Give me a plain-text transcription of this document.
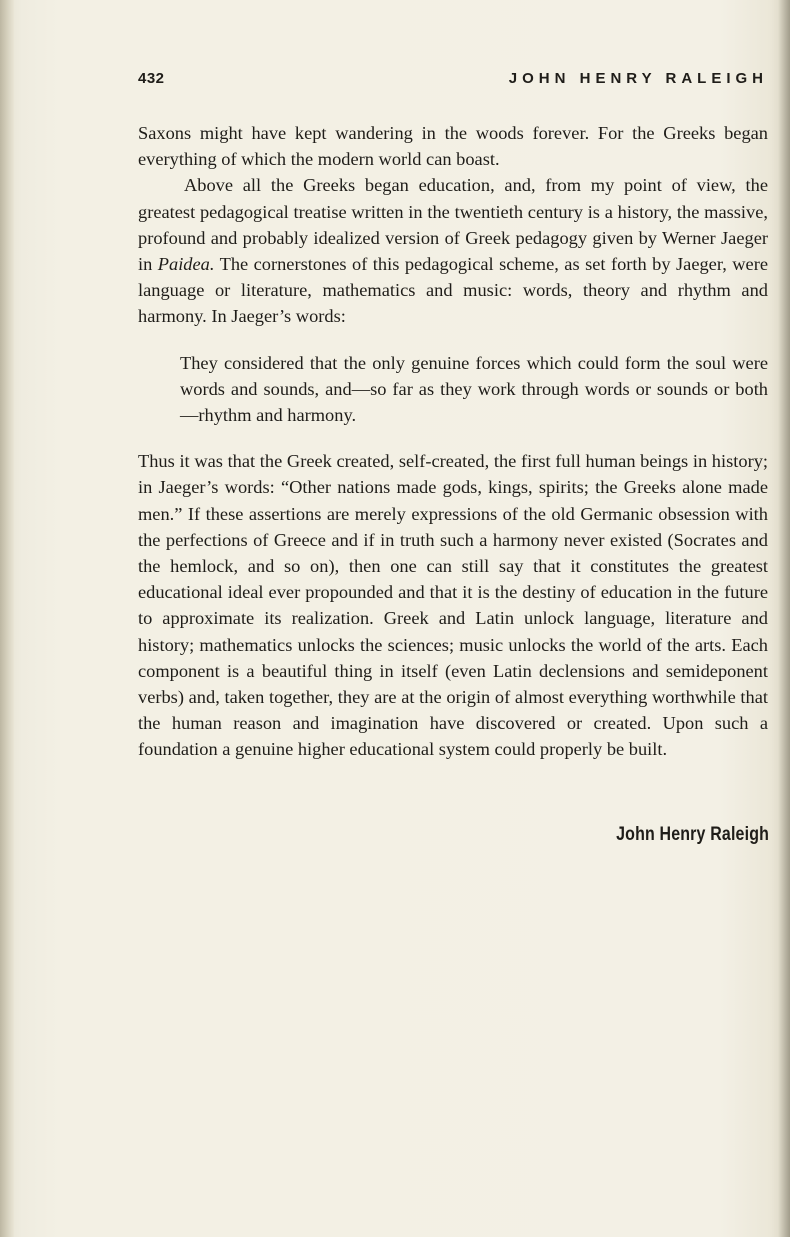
432	JOHN HENRY RALEIGH

Saxons might have kept wandering in the woods forever. For the Greeks began everything of which the modern world can boast.

Above all the Greeks began education, and, from my point of view, the greatest pedagogical treatise written in the twentieth century is a history, the massive, profound and probably idealized version of Greek pedagogy given by Werner Jaeger in Paidea. The cornerstones of this pedagogical scheme, as set forth by Jaeger, were language or literature, mathematics and music: words, theory and rhythm and harmony. In Jaeger’s words:

They considered that the only genuine forces which could form the soul were words and sounds, and—so far as they work through words or sounds or both—rhythm and harmony.

Thus it was that the Greek created, self-created, the first full human beings in history; in Jaeger’s words: “Other nations made gods, kings, spirits; the Greeks alone made men.” If these assertions are merely expressions of the old Germanic obsession with the perfections of Greece and if in truth such a harmony never existed (Socrates and the hemlock, and so on), then one can still say that it constitutes the greatest educational ideal ever propounded and that it is the destiny of education in the future to approximate its realization. Greek and Latin unlock language, literature and history; mathematics unlocks the sciences; music unlocks the world of the arts. Each component is a beautiful thing in itself (even Latin declensions and semideponent verbs) and, taken together, they are at the origin of almost everything worthwhile that the human reason and imagination have discovered or created. Upon such a foundation a genuine higher educational system could properly be built.

John Henry Raleigh
